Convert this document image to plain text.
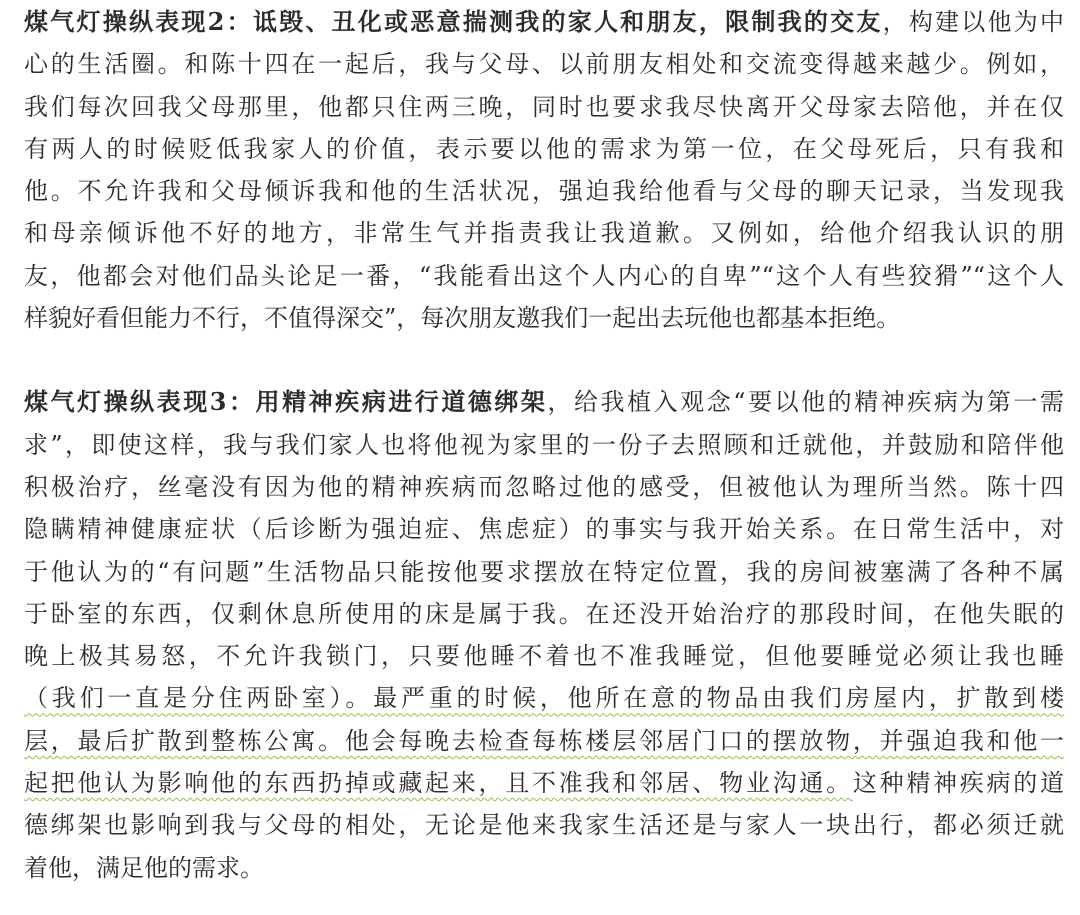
煤气灯操纵表现2：诋毁、丑化或恶意揣测我的家人和朋友，限制我的交友，构建以他为中
心的生活圈。和陈十四在一起后，我与父母、以前朋友相处和交流变得越来越少。例如，
我们每次回我父母那里，他都只住两三晚，同时也要求我尽快离开父母家去陪他，并在仅
有两人的时候贬低我家人的价值，表示要以他的需求为第一位，在父母死后，只有我和
他。不允许我和父母倾诉我和他的生活状况，强迫我给他看与父母的聊天记录，当发现我
和母亲倾诉他不好的地方，非常生气并指责我让我道歉。又例如，给他介绍我认识的朋
友，他都会对他们品头论足一番，“我能看出这个人内心的自卑”“这个人有些狡猾”“这个人
样貌好看但能力不行，不值得深交”，每次朋友邀我们一起出去玩他也都基本拒绝。

煤气灯操纵表现3：用精神疾病进行道德绑架，给我植入观念“要以他的精神疾病为第一需
求”，即使这样，我与我们家人也将他视为家里的一份子去照顾和迁就他，并鼓励和陪伴他
积极治疗，丝毫没有因为他的精神疾病而忽略过他的感受，但被他认为理所当然。陈十四
隐瞒精神健康症状（后诊断为强迫症、焦虑症）的事实与我开始关系。在日常生活中，对
于他认为的“有问题”生活物品只能按他要求摆放在特定位置，我的房间被塞满了各种不属
于卧室的东西，仅剩休息所使用的床是属于我。在还没开始治疗的那段时间，在他失眠的
晚上极其易怒，不允许我锁门，只要他睡不着也不准我睡觉，但他要睡觉必须让我也睡
（我们一直是分住两卧室）。最严重的时候，他所在意的物品由我们房屋内，扩散到楼
层，最后扩散到整栋公寓。他会每晚去检查每栋楼层邻居门口的摆放物，并强迫我和他一
起把他认为影响他的东西扔掉或藏起来，且不准我和邻居、物业沟通。这种精神疾病的道
德绑架也影响到我与父母的相处，无论是他来我家生活还是与家人一块出行，都必须迁就
着他，满足他的需求。
